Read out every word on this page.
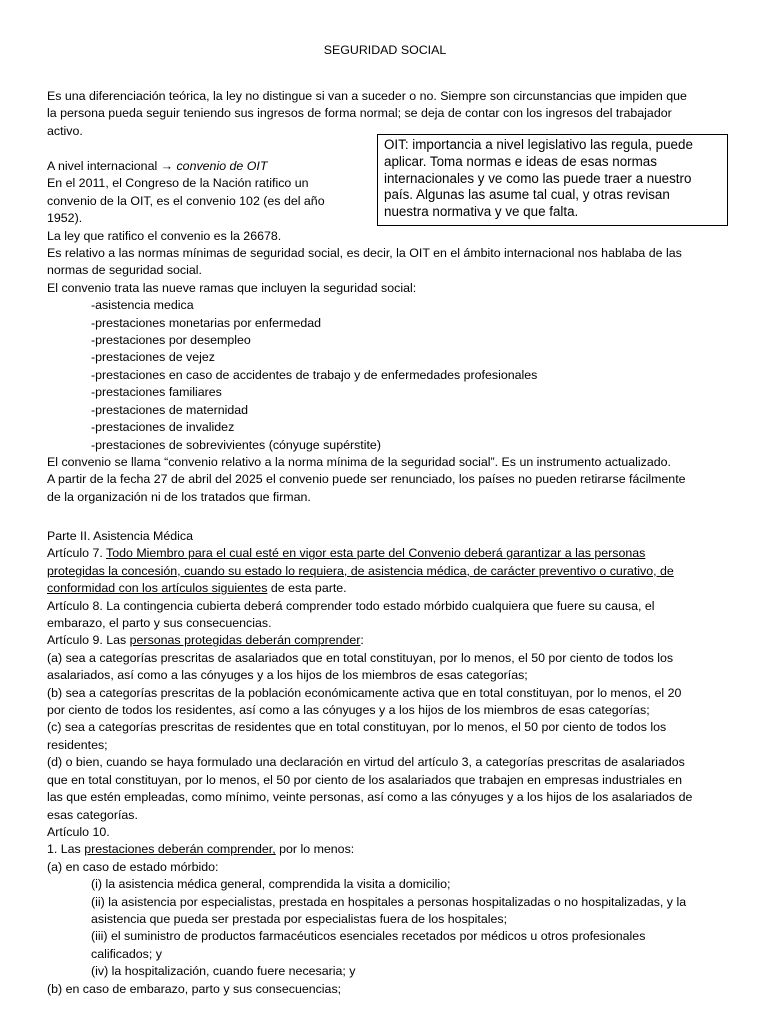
SEGURIDAD SOCIAL

Es una diferenciación teórica, la ley no distingue si van a suceder o no. Siempre son circunstancias que impiden que

la persona pueda seguir teniendo sus ingresos de forma normal; se deja de contar con los ingresos del trabajador

activo.

A nivel internacional → convenio de OIT

En el 2011, el Congreso de la Nación ratifico un

convenio de la OIT, es el convenio 102 (es del año

1952).

La ley que ratifico el convenio es la 26678.

Es relativo a las normas mínimas de seguridad social, es decir, la OIT en el ámbito internacional nos hablaba de las

normas de seguridad social.

El convenio trata las nueve ramas que incluyen la seguridad social:

-asistencia medica

-prestaciones monetarias por enfermedad

-prestaciones por desempleo

-prestaciones de vejez

-prestaciones en caso de accidentes de trabajo y de enfermedades profesionales

-prestaciones familiares

-prestaciones de maternidad

-prestaciones de invalidez

-prestaciones de sobrevivientes (cónyuge supérstite)

El convenio se llama “convenio relativo a la norma mínima de la seguridad social”. Es un instrumento actualizado.

A partir de la fecha 27 de abril del 2025 el convenio puede ser renunciado, los países no pueden retirarse fácilmente

de la organización ni de los tratados que firman.

Parte II. Asistencia Médica

Artículo 7. Todo Miembro para el cual esté en vigor esta parte del Convenio deberá garantizar a las personas

protegidas la concesión, cuando su estado lo requiera, de asistencia médica, de carácter preventivo o curativo, de

conformidad con los artículos siguientes de esta parte.

Artículo 8. La contingencia cubierta deberá comprender todo estado mórbido cualquiera que fuere su causa, el

embarazo, el parto y sus consecuencias.

Artículo 9. Las personas protegidas deberán comprender:

(a) sea a categorías prescritas de asalariados que en total constituyan, por lo menos, el 50 por ciento de todos los

asalariados, así como a las cónyuges y a los hijos de los miembros de esas categorías;

(b) sea a categorías prescritas de la población económicamente activa que en total constituyan, por lo menos, el 20

por ciento de todos los residentes, así como a las cónyuges y a los hijos de los miembros de esas categorías;

(c) sea a categorías prescritas de residentes que en total constituyan, por lo menos, el 50 por ciento de todos los

residentes;

(d) o bien, cuando se haya formulado una declaración en virtud del artículo 3, a categorías prescritas de asalariados

que en total constituyan, por lo menos, el 50 por ciento de los asalariados que trabajen en empresas industriales en

las que estén empleadas, como mínimo, veinte personas, así como a las cónyuges y a los hijos de los asalariados de

esas categorías.

Artículo 10.

1. Las prestaciones deberán comprender, por lo menos:

(a) en caso de estado mórbido:

(i) la asistencia médica general, comprendida la visita a domicilio;

(ii) la asistencia por especialistas, prestada en hospitales a personas hospitalizadas o no hospitalizadas, y la

asistencia que pueda ser prestada por especialistas fuera de los hospitales;

(iii) el suministro de productos farmacéuticos esenciales recetados por médicos u otros profesionales

calificados; y

(iv) la hospitalización, cuando fuere necesaria; y

(b) en caso de embarazo, parto y sus consecuencias;

OIT: importancia a nivel legislativo las regula, puede

aplicar. Toma normas e ideas de esas normas

internacionales y ve como las puede traer a nuestro

país. Algunas las asume tal cual, y otras revisan

nuestra normativa y ve que falta.
